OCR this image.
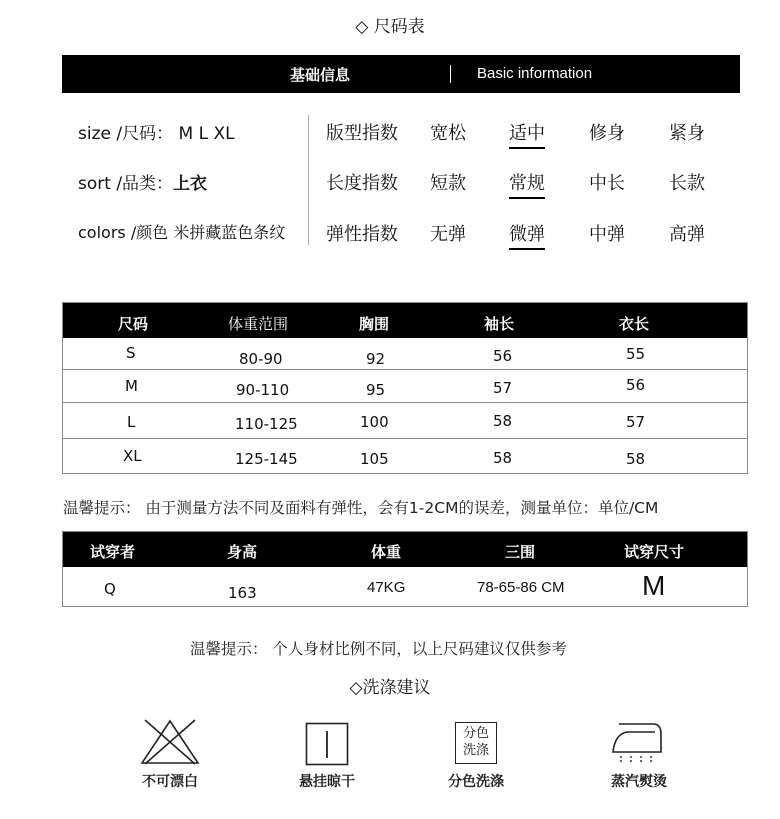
◇ 尺码表
基础信息	Basic information
size /尺码： M L XL
sort /品类：上衣
colors /颜色 米拼藏蓝色条纹
版型指数 宽松 适中 修身 紧身
长度指数 短款 常规 中长 长款
弹性指数 无弹 微弹 中弹 高弹
尺码	体重范围	胸围	袖长	衣长
S	80-90	92	56	55
M	90-110	95	57	56
L	110-125	100	58	57
XL	125-145	105	58	58
温馨提示： 由于测量方法不同及面料有弹性，会有1-2CM的误差，测量单位：单位/CM
试穿者	身高	体重	三围	试穿尺寸
Q	163	47KG	78-65-86 CM	M
温馨提示： 个人身材比例不同，以上尺码建议仅供参考
◇洗涤建议
不可漂白	悬挂晾干
分色
洗涤
分色洗涤	蒸汽熨烫
